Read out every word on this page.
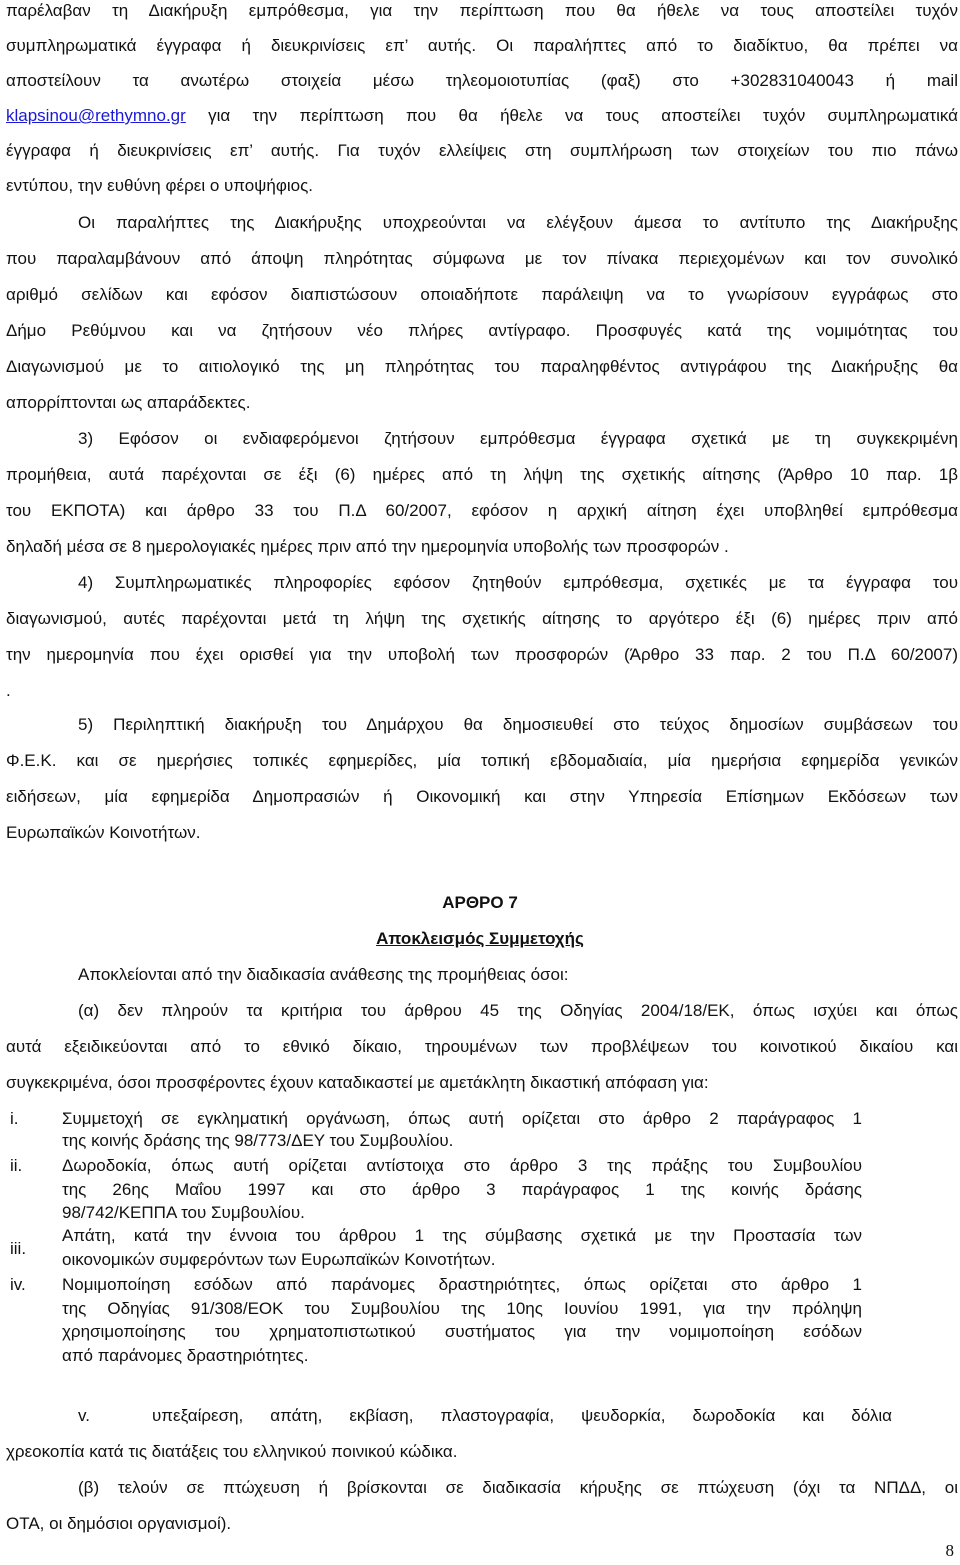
παρέλαβαν τη Διακήρυξη εμπρόθεσμα, για την περίπτωση που θα ήθελε να τους αποστείλει τυχόν
συμπληρωματικά έγγραφα ή διευκρινίσεις επ’ αυτής. Οι παραλήπτες από το διαδίκτυο, θα πρέπει να
αποστείλουν τα ανωτέρω στοιχεία μέσω τηλεομοιοτυπίας (φαξ) στο +302831040043 ή mail
klapsinou@rethymno.gr για την περίπτωση που θα ήθελε να τους αποστείλει τυχόν συμπληρωματικά
έγγραφα ή διευκρινίσεις επ’ αυτής. Για τυχόν ελλείψεις στη συμπλήρωση των στοιχείων του πιο πάνω
εντύπου, την ευθύνη φέρει ο υποψήφιος.
Οι παραλήπτες της Διακήρυξης υποχρεούνται να ελέγξουν άμεσα το αντίτυπο της Διακήρυξης
που παραλαμβάνουν από άποψη πληρότητας σύμφωνα με τον πίνακα περιεχομένων και τον συνολικό
αριθμό σελίδων και εφόσον διαπιστώσουν οποιαδήποτε παράλειψη να το γνωρίσουν εγγράφως στο
Δήμο Ρεθύμνου και να ζητήσουν νέο πλήρες αντίγραφο. Προσφυγές κατά της νομιμότητας του
Διαγωνισμού με το αιτιολογικό της μη πληρότητας του παραληφθέντος αντιγράφου της Διακήρυξης θα
απορρίπτονται ως απαράδεκτες.
3) Εφόσον οι ενδιαφερόμενοι ζητήσουν εμπρόθεσμα έγγραφα σχετικά με τη συγκεκριμένη
προμήθεια, αυτά παρέχονται σε έξι (6) ημέρες από τη λήψη της σχετικής αίτησης (Άρθρο 10 παρ. 1β
του ΕΚΠΟΤΑ) και άρθρο 33 του Π.Δ 60/2007, εφόσον η αρχική αίτηση έχει υποβληθεί εμπρόθεσμα
δηλαδή μέσα σε 8 ημερολογιακές ημέρες πριν από την ημερομηνία υποβολής των προσφορών .
4) Συμπληρωματικές πληροφορίες εφόσον ζητηθούν εμπρόθεσμα, σχετικές με τα έγγραφα του
διαγωνισμού, αυτές παρέχονται μετά τη λήψη της σχετικής αίτησης το αργότερο έξι (6) ημέρες πριν από
την ημερομηνία που έχει ορισθεί για την υποβολή των προσφορών (Άρθρο 33 παρ. 2 του Π.Δ 60/2007)
.
5) Περιληπτική διακήρυξη του Δημάρχου θα δημοσιευθεί στο τεύχος δημοσίων συμβάσεων του
Φ.Ε.Κ. και σε ημερήσιες τοπικές εφημερίδες, μία τοπική εβδομαδιαία, μία ημερήσια εφημερίδα γενικών
ειδήσεων, μία εφημερίδα Δημοπρασιών ή Οικονομική και στην Υπηρεσία Επίσημων Εκδόσεων των
Ευρωπαϊκών Κοινοτήτων.
ΑΡΘΡΟ 7
Αποκλεισμός Συμμετοχής
Αποκλείονται από την διαδικασία ανάθεσης της προμήθειας όσοι:
(α) δεν πληρούν τα κριτήρια του άρθρου 45 της Οδηγίας 2004/18/ΕΚ, όπως ισχύει και όπως
αυτά εξειδικεύονται από το εθνικό δίκαιο, τηρουμένων των προβλέψεων του κοινοτικού δικαίου και
συγκεκριμένα, όσοι προσφέροντες έχουν καταδικαστεί με αμετάκλητη δικαστική απόφαση για:
i.	Συμμετοχή σε εγκληματική οργάνωση, όπως αυτή ορίζεται στο άρθρο 2 παράγραφος 1
της κοινής δράσης της 98/773/ΔΕΥ του Συμβουλίου.
ii.	Δωροδοκία, όπως αυτή ορίζεται αντίστοιχα στο άρθρο 3 της πράξης του Συμβουλίου
της 26ης Μαΐου 1997 και στο άρθρο 3 παράγραφος 1 της κοινής δράσης
98/742/ΚΕΠΠΑ του Συμβουλίου.
iii.
Απάτη, κατά την έννοια του άρθρου 1 της σύμβασης σχετικά με την Προστασία των
οικονομικών συμφερόντων των Ευρωπαϊκών Κοινοτήτων.
iv.	Νομιμοποίηση εσόδων από παράνομες δραστηριότητες, όπως ορίζεται στο άρθρο 1
της Οδηγίας 91/308/ΕΟΚ του Συμβουλίου της 10ης Ιουνίου 1991, για την πρόληψη
χρησιμοποίησης του χρηματοπιστωτικού συστήματος για την νομιμοποίηση εσόδων
από παράνομες δραστηριότητες.
v.	υπεξαίρεση, απάτη, εκβίαση, πλαστογραφία, ψευδορκία, δωροδοκία και δόλια
χρεοκοπία κατά τις διατάξεις του ελληνικού ποινικού κώδικα.
(β) τελούν σε πτώχευση ή βρίσκονται σε διαδικασία κήρυξης σε πτώχευση (όχι τα ΝΠΔΔ, οι
ΟΤΑ, οι δημόσιοι οργανισμοί).
8
